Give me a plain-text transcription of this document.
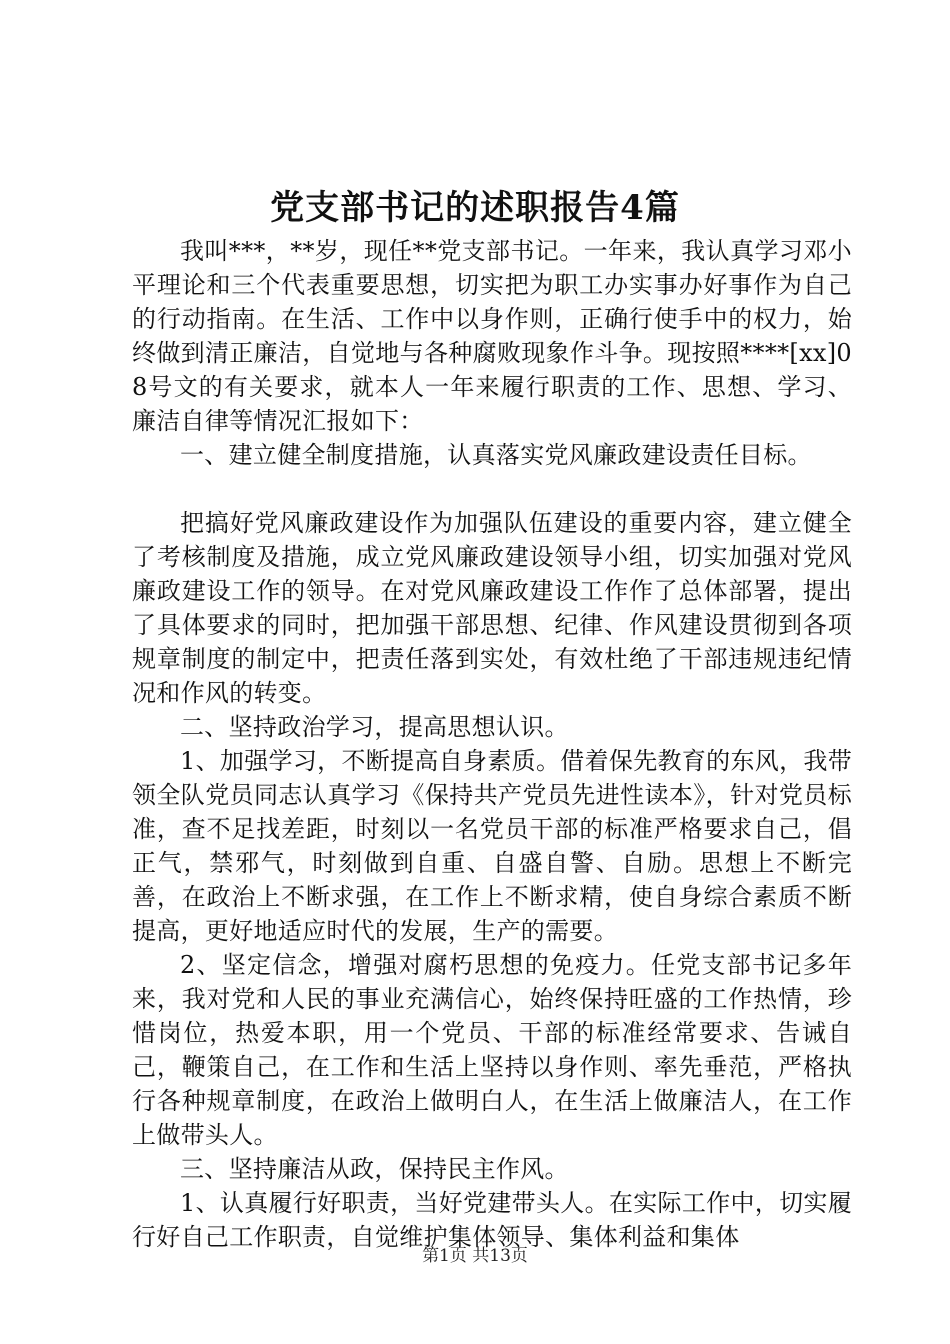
党支部书记的述职报告4篇

我叫***，**岁，现任**党支部书记。一年来，我认真学习邓小平理论和三个代表重要思想，切实把为职工办实事办好事作为自己的行动指南。在生活、工作中以身作则，正确行使手中的权力，始终做到清正廉洁，自觉地与各种腐败现象作斗争。现按照****[xx]08号文的有关要求，就本人一年来履行职责的工作、思想、学习、廉洁自律等情况汇报如下：

一、建立健全制度措施，认真落实党风廉政建设责任目标。

把搞好党风廉政建设作为加强队伍建设的重要内容，建立健全了考核制度及措施，成立党风廉政建设领导小组，切实加强对党风廉政建设工作的领导。在对党风廉政建设工作作了总体部署，提出了具体要求的同时，把加强干部思想、纪律、作风建设贯彻到各项规章制度的制定中，把责任落到实处，有效杜绝了干部违规违纪情况和作风的转变。

二、坚持政治学习，提高思想认识。

1、加强学习，不断提高自身素质。借着保先教育的东风，我带领全队党员同志认真学习《保持共产党员先进性读本》，针对党员标准，查不足找差距，时刻以一名党员干部的标准严格要求自己，倡正气，禁邪气，时刻做到自重、自盛自警、自励。思想上不断完善，在政治上不断求强，在工作上不断求精，使自身综合素质不断提高，更好地适应时代的发展，生产的需要。

2、坚定信念，增强对腐朽思想的免疫力。任党支部书记多年来，我对党和人民的事业充满信心，始终保持旺盛的工作热情，珍惜岗位，热爱本职，用一个党员、干部的标准经常要求、告诫自己，鞭策自己，在工作和生活上坚持以身作则、率先垂范，严格执行各种规章制度，在政治上做明白人，在生活上做廉洁人，在工作上做带头人。

三、坚持廉洁从政，保持民主作风。

1、认真履行好职责，当好党建带头人。在实际工作中，切实履行好自己工作职责，自觉维护集体领导、集体利益和集体

第1页 共13页
